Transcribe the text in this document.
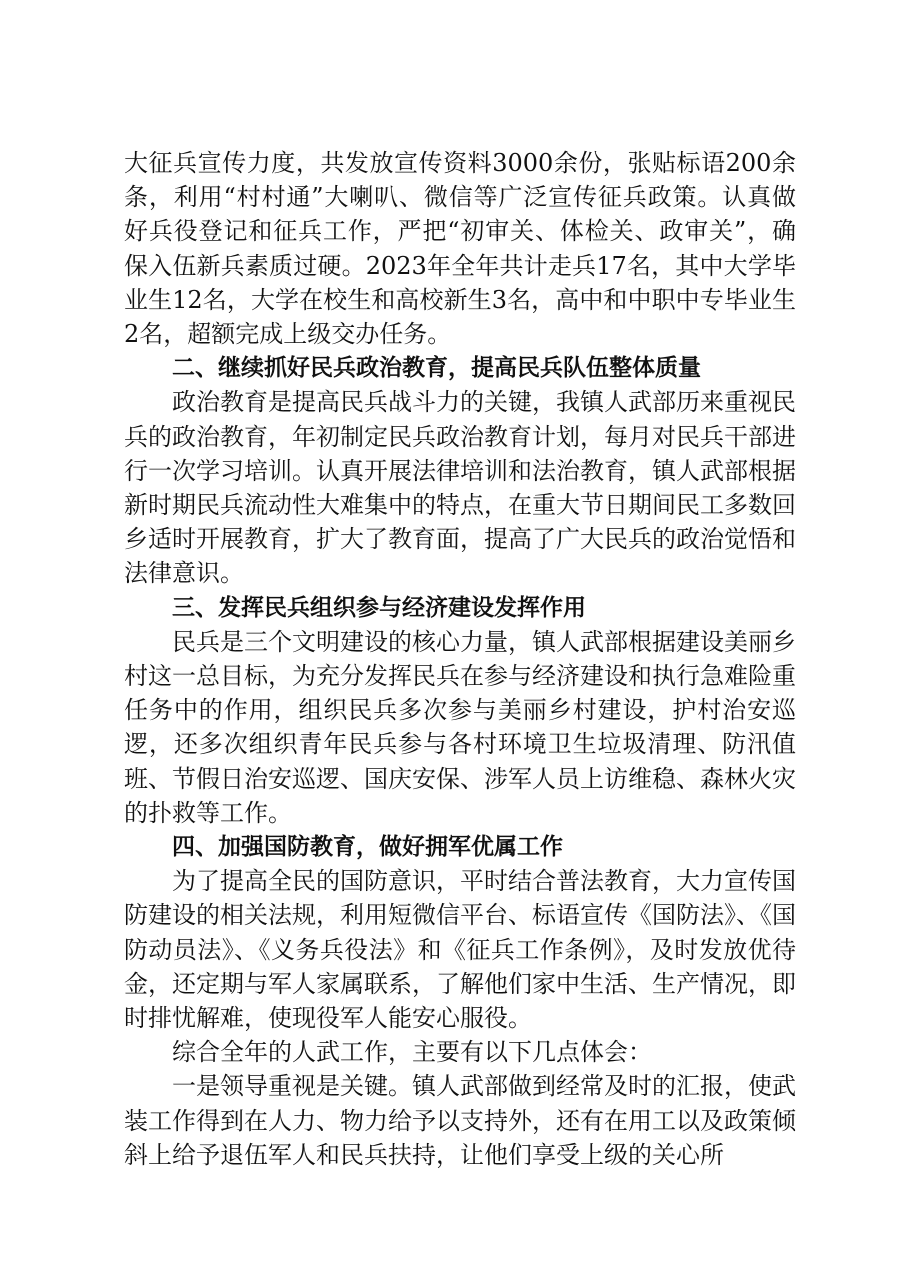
大征兵宣传力度，共发放宣传资料3000余份，张贴标语200余条，利用“村村通”大喇叭、微信等广泛宣传征兵政策。认真做好兵役登记和征兵工作，严把“初审关、体检关、政审关”，确保入伍新兵素质过硬。2023年全年共计走兵17名，其中大学毕业生12名，大学在校生和高校新生3名，高中和中职中专毕业生2名，超额完成上级交办任务。

二、继续抓好民兵政治教育，提高民兵队伍整体质量

政治教育是提高民兵战斗力的关键，我镇人武部历来重视民兵的政治教育，年初制定民兵政治教育计划，每月对民兵干部进行一次学习培训。认真开展法律培训和法治教育，镇人武部根据新时期民兵流动性大难集中的特点，在重大节日期间民工多数回乡适时开展教育，扩大了教育面，提高了广大民兵的政治觉悟和法律意识。

三、发挥民兵组织参与经济建设发挥作用

民兵是三个文明建设的核心力量，镇人武部根据建设美丽乡村这一总目标，为充分发挥民兵在参与经济建设和执行急难险重任务中的作用，组织民兵多次参与美丽乡村建设，护村治安巡逻，还多次组织青年民兵参与各村环境卫生垃圾清理、防汛值班、节假日治安巡逻、国庆安保、涉军人员上访维稳、森林火灾的扑救等工作。

四、加强国防教育，做好拥军优属工作

为了提高全民的国防意识，平时结合普法教育，大力宣传国防建设的相关法规，利用短微信平台、标语宣传《国防法》、《国防动员法》、《义务兵役法》和《征兵工作条例》，及时发放优待金，还定期与军人家属联系，了解他们家中生活、生产情况，即时排忧解难，使现役军人能安心服役。

综合全年的人武工作，主要有以下几点体会：

一是领导重视是关键。镇人武部做到经常及时的汇报，使武装工作得到在人力、物力给予以支持外，还有在用工以及政策倾斜上给予退伍军人和民兵扶持，让他们享受上级的关心所
